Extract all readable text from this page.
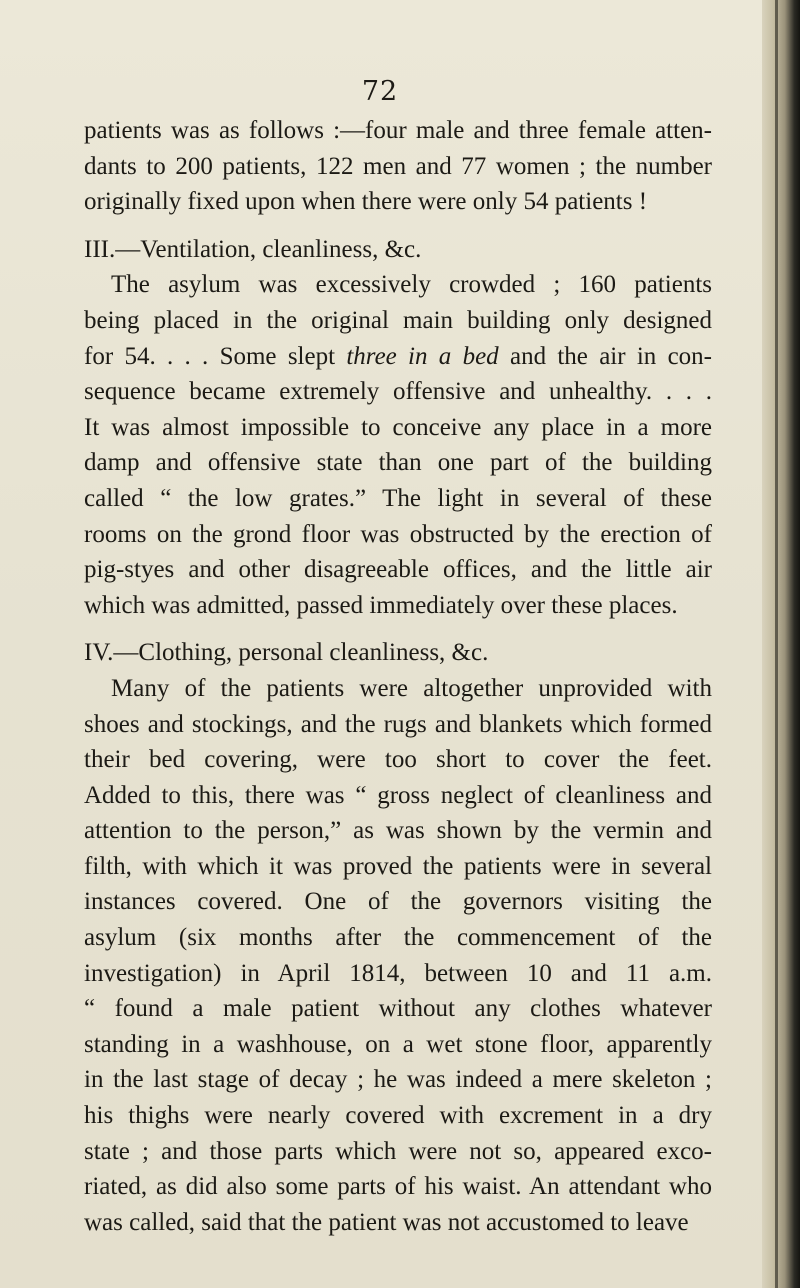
72
patients was as follows :—four male and three female atten-
dants to 200 patients, 122 men and 77 women ; the number
originally fixed upon when there were only 54 patients !
III.—Ventilation, cleanliness, &c.
The asylum was excessively crowded ; 160 patients
being placed in the original main building only designed
for 54. . . . Some slept three in a bed and the air in con-
sequence became extremely offensive and unhealthy. . . .
It was almost impossible to conceive any place in a more
damp and offensive state than one part of the building
called “ the low grates.” The light in several of these
rooms on the grond floor was obstructed by the erection of
pig-styes and other disagreeable offices, and the little air
which was admitted, passed immediately over these places.
IV.—Clothing, personal cleanliness, &c.
Many of the patients were altogether unprovided with
shoes and stockings, and the rugs and blankets which formed
their bed covering, were too short to cover the feet.
Added to this, there was “ gross neglect of cleanliness and
attention to the person,” as was shown by the vermin and
filth, with which it was proved the patients were in several
instances covered. One of the governors visiting the
asylum (six months after the commencement of the
investigation) in April 1814, between 10 and 11 a.m.
“ found a male patient without any clothes whatever
standing in a washhouse, on a wet stone floor, apparently
in the last stage of decay ; he was indeed a mere skeleton ;
his thighs were nearly covered with excrement in a dry
state ; and those parts which were not so, appeared exco-
riated, as did also some parts of his waist. An attendant who
was called, said that the patient was not accustomed to leave
